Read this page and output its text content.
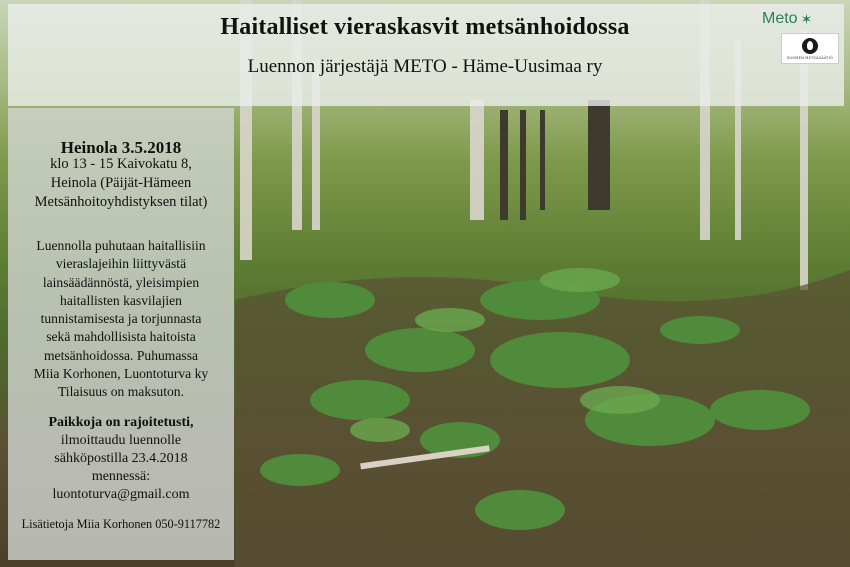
Haitalliset vieraskasvit metsänhoidossa
Luennon järjestäjä METO - Häme-Uusimaa ry
Meto ✶
SUOMEN METSÄSÄÄTIÖ
Heinola 3.5.2018
klo 13 - 15 Kaivokatu 8,
Heinola (Päijät-Hämeen
Metsänhoitoyhdistyksen tilat)
Luennolla puhutaan haitallisiin
vieraslajeihin liittyvästä
lainsäädännöstä, yleisimpien
haitallisten kasvilajien
tunnistamisesta ja torjunnasta
sekä mahdollisista haitoista
metsänhoidossa. Puhumassa
Miia Korhonen, Luontoturva ky
Tilaisuus on maksuton.
Paikkoja on rajoitetusti,
ilmoittaudu luennolle
sähköpostilla 23.4.2018
mennessä:
luontoturva@gmail.com
Lisätietoja Miia Korhonen 050-9117782
